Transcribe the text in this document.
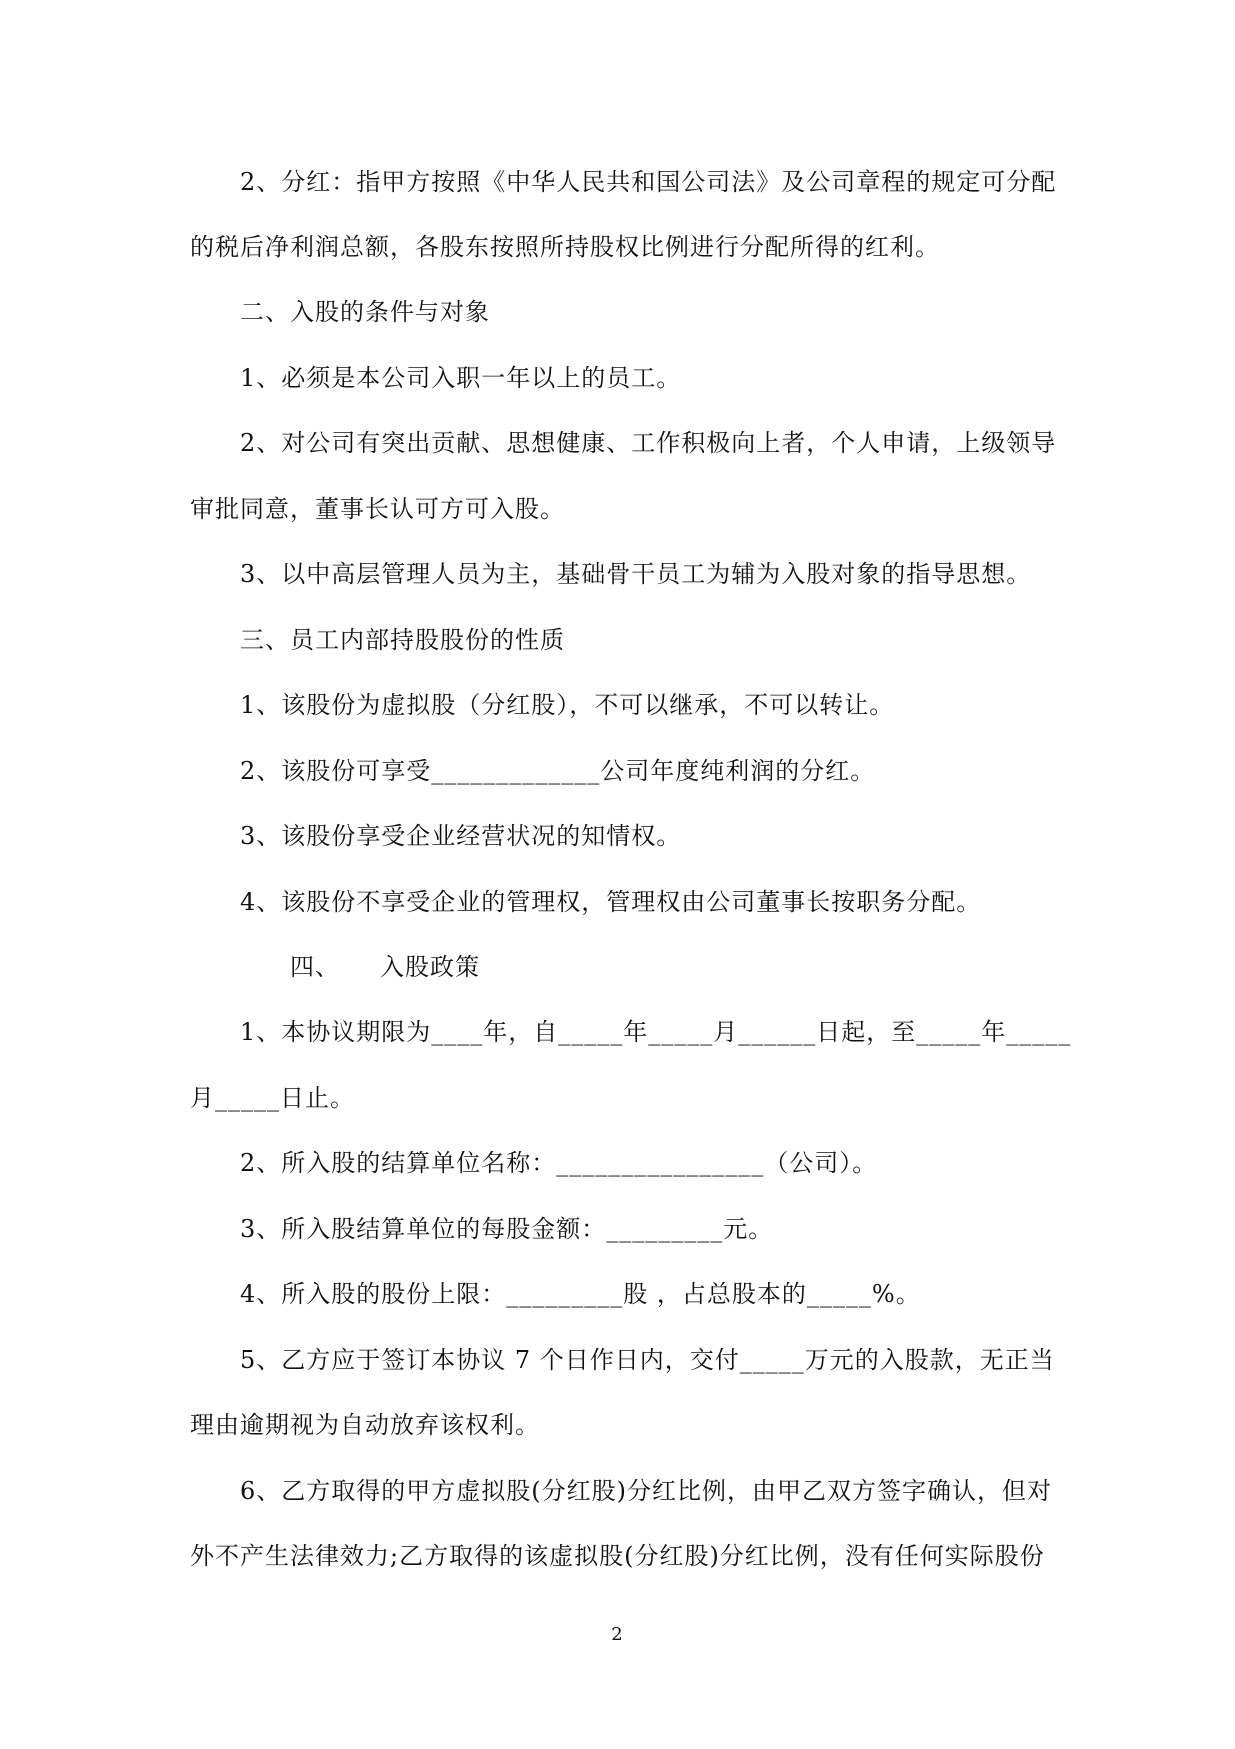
2、分红：指甲方按照《中华人民共和国公司法》及公司章程的规定可分配
的税后净利润总额，各股东按照所持股权比例进行分配所得的红利。
二、入股的条件与对象
1、必须是本公司入职一年以上的员工。
2、对公司有突出贡献、思想健康、工作积极向上者，个人申请，上级领导
审批同意，董事长认可方可入股。
3、以中高层管理人员为主，基础骨干员工为辅为入股对象的指导思想。
三、员工内部持股股份的性质
1、该股份为虚拟股（分红股），不可以继承，不可以转让。
2、该股份可享受_____________公司年度纯利润的分红。
3、该股份享受企业经营状况的知情权。
4、该股份不享受企业的管理权，管理权由公司董事长按职务分配。
四、 入股政策
1、本协议期限为____年，自_____年_____月______日起，至_____年_____
月_____日止。
2、所入股的结算单位名称：________________（公司）。
3、所入股结算单位的每股金额：_________元。
4、所入股的股份上限：_________股 ，占总股本的_____%。
5、乙方应于签订本协议 7 个日作日内，交付_____万元的入股款，无正当
理由逾期视为自动放弃该权利。
6、乙方取得的甲方虚拟股(分红股)分红比例，由甲乙双方签字确认，但对
外不产生法律效力;乙方取得的该虚拟股(分红股)分红比例，没有任何实际股份
2
